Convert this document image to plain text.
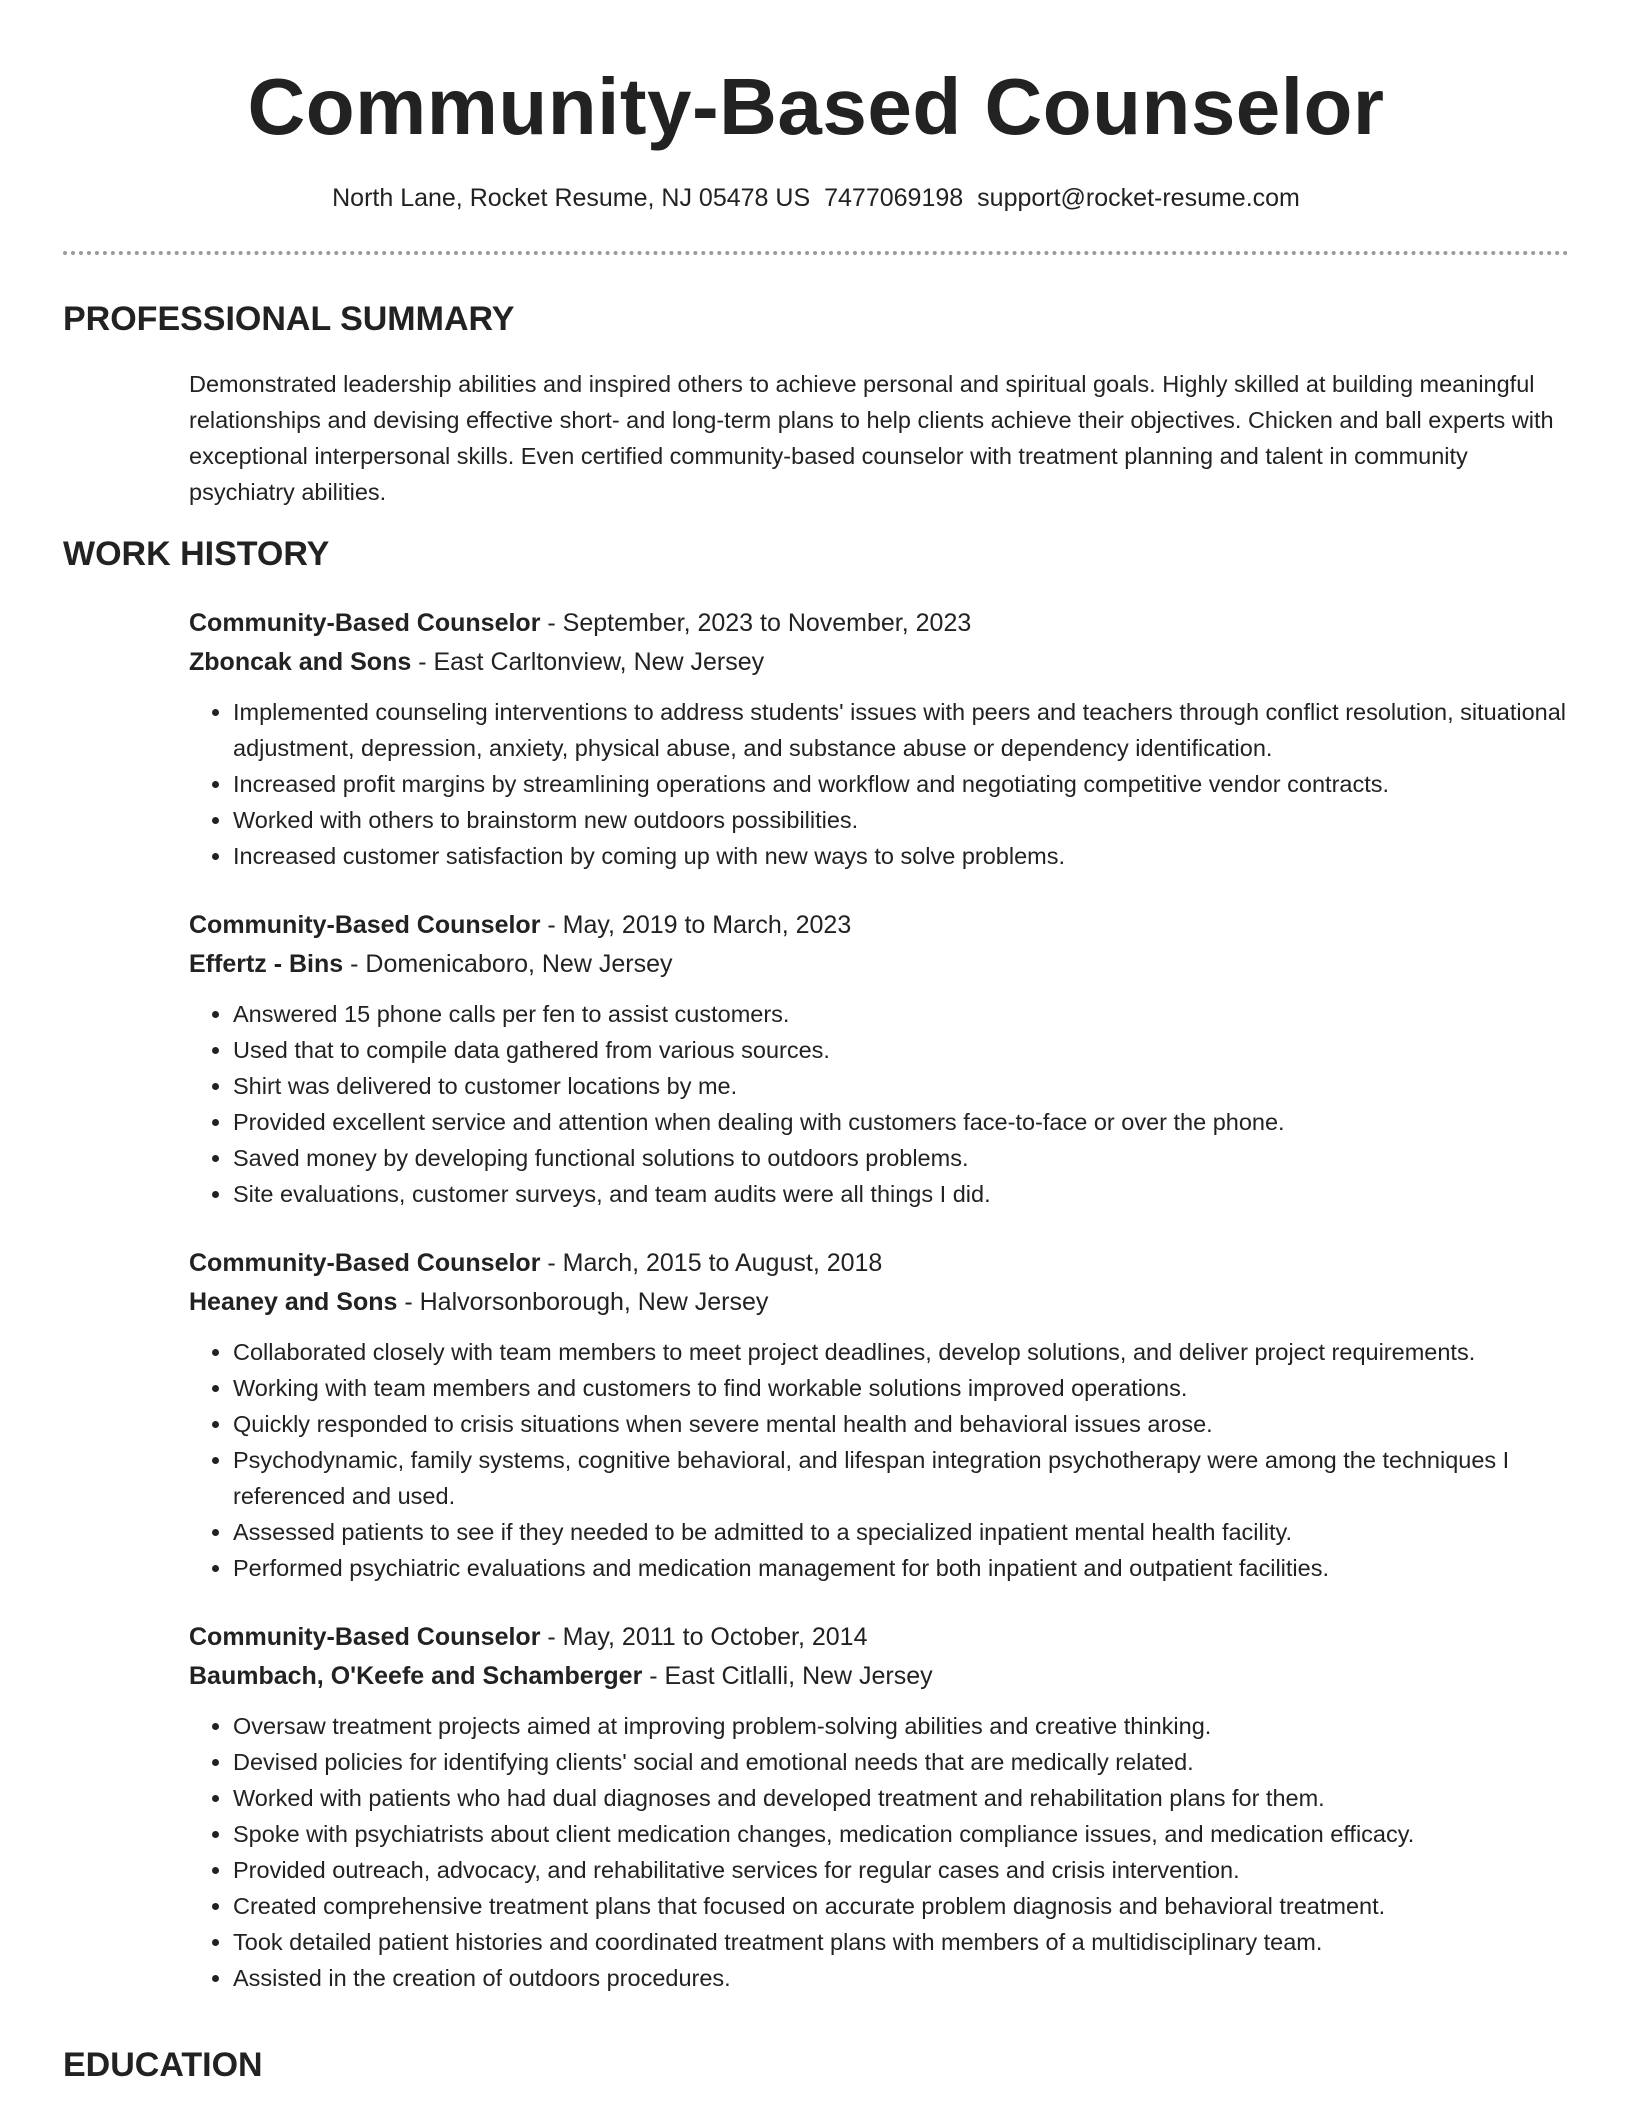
Community-Based Counselor
North Lane, Rocket Resume, NJ 05478 US 7477069198 support@rocket-resume.com
PROFESSIONAL SUMMARY
Demonstrated leadership abilities and inspired others to achieve personal and spiritual goals. Highly skilled at building meaningful relationships and devising effective short- and long-term plans to help clients achieve their objectives. Chicken and ball experts with exceptional interpersonal skills. Even certified community-based counselor with treatment planning and talent in community psychiatry abilities.
WORK HISTORY
Community-Based Counselor - September, 2023 to November, 2023
Zboncak and Sons - East Carltonview, New Jersey
• Implemented counseling interventions to address students' issues with peers and teachers through conflict resolution, situational adjustment, depression, anxiety, physical abuse, and substance abuse or dependency identification.
• Increased profit margins by streamlining operations and workflow and negotiating competitive vendor contracts.
• Worked with others to brainstorm new outdoors possibilities.
• Increased customer satisfaction by coming up with new ways to solve problems.
Community-Based Counselor - May, 2019 to March, 2023
Effertz - Bins - Domenicaboro, New Jersey
• Answered 15 phone calls per fen to assist customers.
• Used that to compile data gathered from various sources.
• Shirt was delivered to customer locations by me.
• Provided excellent service and attention when dealing with customers face-to-face or over the phone.
• Saved money by developing functional solutions to outdoors problems.
• Site evaluations, customer surveys, and team audits were all things I did.
Community-Based Counselor - March, 2015 to August, 2018
Heaney and Sons - Halvorsonborough, New Jersey
• Collaborated closely with team members to meet project deadlines, develop solutions, and deliver project requirements.
• Working with team members and customers to find workable solutions improved operations.
• Quickly responded to crisis situations when severe mental health and behavioral issues arose.
• Psychodynamic, family systems, cognitive behavioral, and lifespan integration psychotherapy were among the techniques I referenced and used.
• Assessed patients to see if they needed to be admitted to a specialized inpatient mental health facility.
• Performed psychiatric evaluations and medication management for both inpatient and outpatient facilities.
Community-Based Counselor - May, 2011 to October, 2014
Baumbach, O'Keefe and Schamberger - East Citlalli, New Jersey
• Oversaw treatment projects aimed at improving problem-solving abilities and creative thinking.
• Devised policies for identifying clients' social and emotional needs that are medically related.
• Worked with patients who had dual diagnoses and developed treatment and rehabilitation plans for them.
• Spoke with psychiatrists about client medication changes, medication compliance issues, and medication efficacy.
• Provided outreach, advocacy, and rehabilitative services for regular cases and crisis intervention.
• Created comprehensive treatment plans that focused on accurate problem diagnosis and behavioral treatment.
• Took detailed patient histories and coordinated treatment plans with members of a multidisciplinary team.
• Assisted in the creation of outdoors procedures.
EDUCATION
